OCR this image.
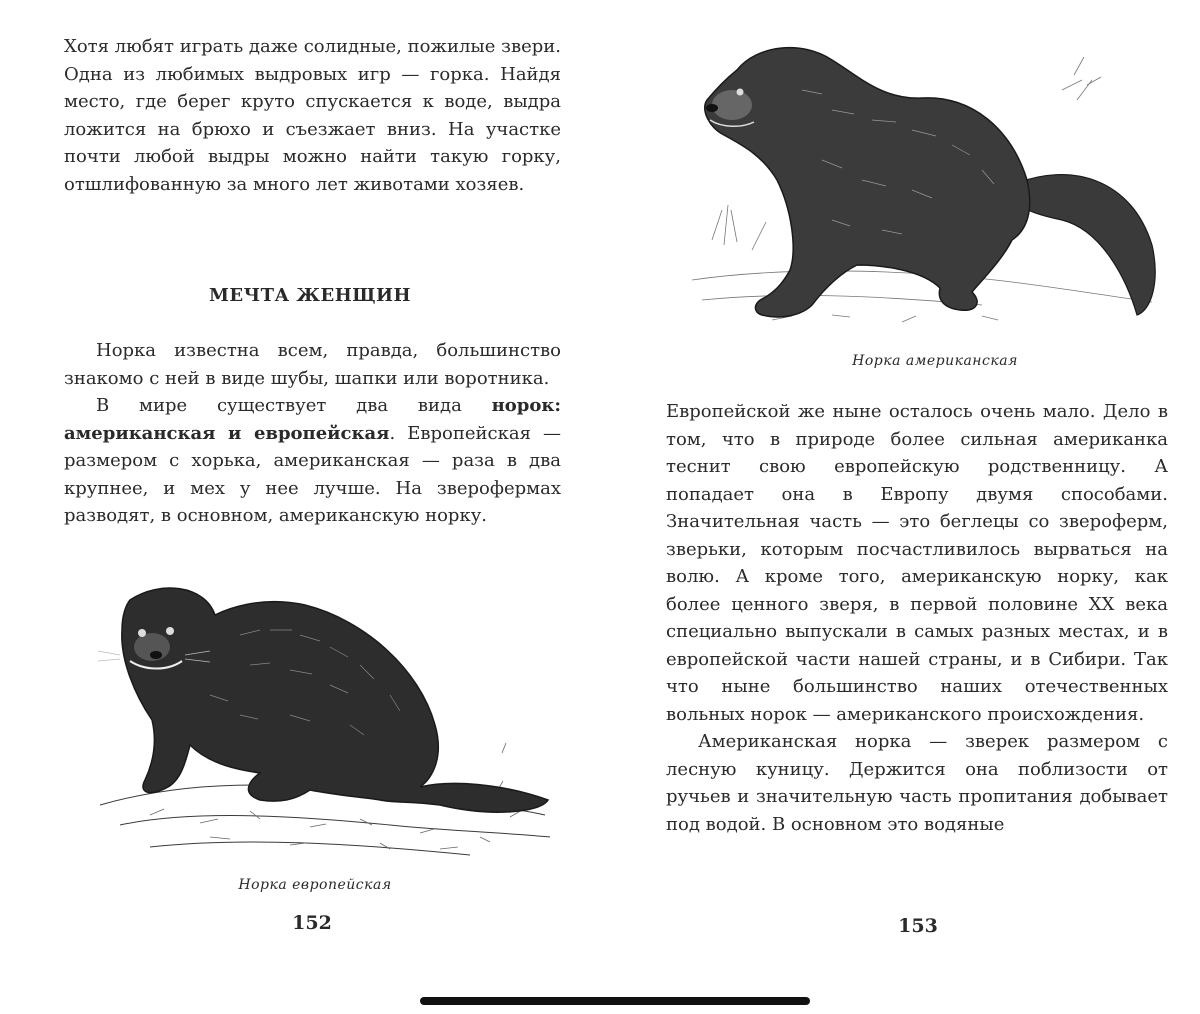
Хотя любят играть даже солидные, пожилые звери. Одна из любимых выдровых игр — горка. Найдя место, где берег круто спускается к воде, выдра ложится на брюхо и съезжает вниз. На участке почти любой выдры можно найти такую горку, отшлифованную за много лет животами хозяев.

МЕЧТА ЖЕНЩИН

Норка известна всем, правда, большинство знакомо с ней в виде шубы, шапки или воротника.

В мире существует два вида норок: американская и европейская. Европейская — размером с хорька, американская — раза в два крупнее, и мех у нее лучше. На зверофермах разводят, в основном, американскую норку.

Норка европейская
152
Норка американская

Европейской же ныне осталось очень мало. Дело в том, что в природе более сильная американка теснит свою европейскую родственницу. А попадает она в Европу двумя способами. Значительная часть — это беглецы со звероферм, зверьки, которым посчастливилось вырваться на волю. А кроме того, американскую норку, как более ценного зверя, в первой половине XX века специально выпускали в самых разных местах, и в европейской части нашей страны, и в Сибири. Так что ныне большинство наших отечественных вольных норок — американского происхождения.

Американская норка — зверек размером с лесную куницу. Держится она поблизости от ручьев и значительную часть пропитания добывает под водой. В основном это водяные

153
